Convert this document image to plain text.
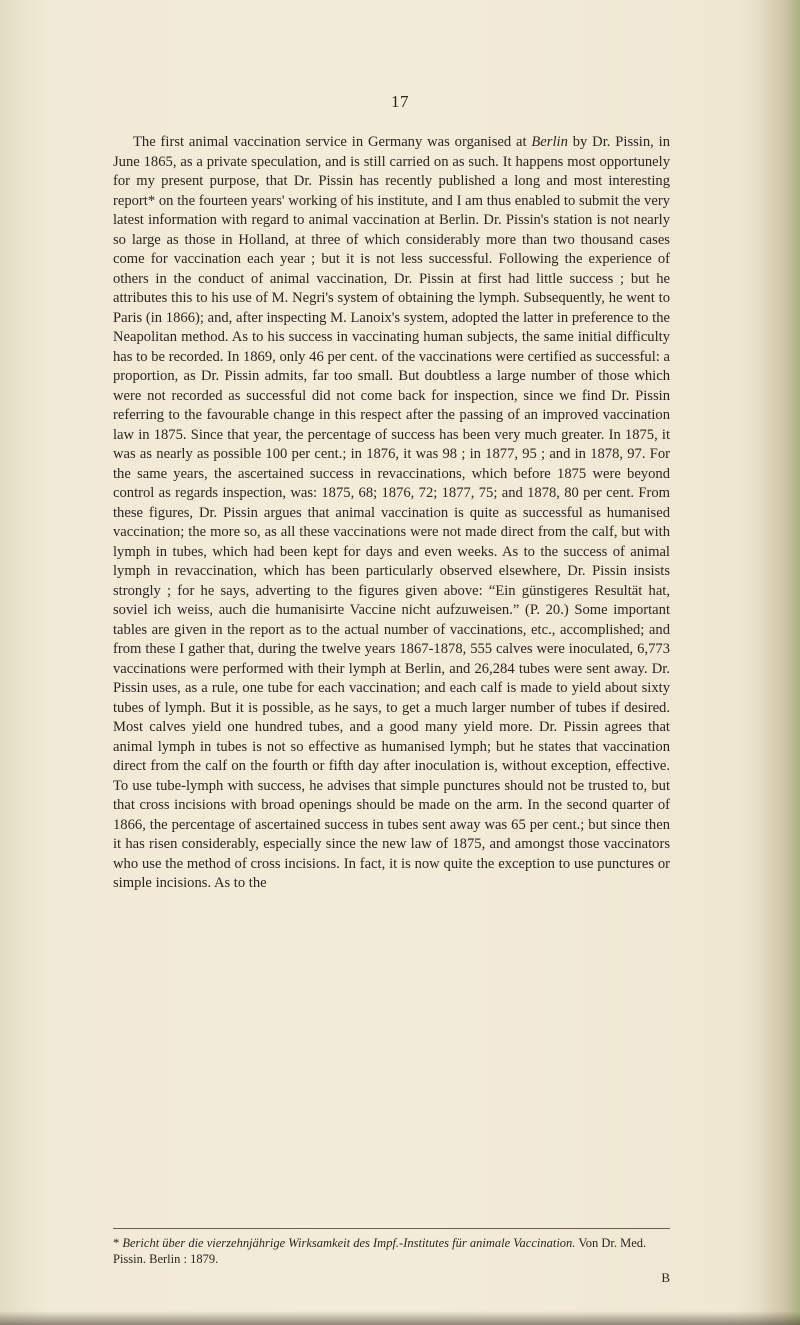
17

The first animal vaccination service in Germany was organised at Berlin by Dr. Pissin, in June 1865, as a private speculation, and is still carried on as such. It happens most opportunely for my present purpose, that Dr. Pissin has recently published a long and most interesting report* on the fourteen years' working of his institute, and I am thus enabled to submit the very latest information with regard to animal vaccination at Berlin. Dr. Pissin's station is not nearly so large as those in Holland, at three of which considerably more than two thousand cases come for vaccination each year ; but it is not less successful. Following the experience of others in the conduct of animal vaccination, Dr. Pissin at first had little success ; but he attributes this to his use of M. Negri's system of obtaining the lymph. Subsequently, he went to Paris (in 1866); and, after inspecting M. Lanoix's system, adopted the latter in preference to the Neapolitan method. As to his success in vaccinating human subjects, the same initial difficulty has to be recorded. In 1869, only 46 per cent. of the vaccinations were certified as successful: a proportion, as Dr. Pissin admits, far too small. But doubtless a large number of those which were not recorded as successful did not come back for inspection, since we find Dr. Pissin referring to the favourable change in this respect after the passing of an improved vaccination law in 1875. Since that year, the percentage of success has been very much greater. In 1875, it was as nearly as possible 100 per cent.; in 1876, it was 98 ; in 1877, 95 ; and in 1878, 97. For the same years, the ascertained success in revaccinations, which before 1875 were beyond control as regards inspection, was: 1875, 68; 1876, 72; 1877, 75; and 1878, 80 per cent. From these figures, Dr. Pissin argues that animal vaccination is quite as successful as humanised vaccination; the more so, as all these vaccinations were not made direct from the calf, but with lymph in tubes, which had been kept for days and even weeks. As to the success of animal lymph in revaccination, which has been particularly observed elsewhere, Dr. Pissin insists strongly ; for he says, adverting to the figures given above: “Ein günstigeres Resultät hat, soviel ich weiss, auch die humanisirte Vaccine nicht aufzuweisen.” (P. 20.) Some important tables are given in the report as to the actual number of vaccinations, etc., accomplished; and from these I gather that, during the twelve years 1867-1878, 555 calves were inoculated, 6,773 vaccinations were performed with their lymph at Berlin, and 26,284 tubes were sent away. Dr. Pissin uses, as a rule, one tube for each vaccination; and each calf is made to yield about sixty tubes of lymph. But it is possible, as he says, to get a much larger number of tubes if desired. Most calves yield one hundred tubes, and a good many yield more. Dr. Pissin agrees that animal lymph in tubes is not so effective as humanised lymph; but he states that vaccination direct from the calf on the fourth or fifth day after inoculation is, without exception, effective. To use tube-lymph with success, he advises that simple punctures should not be trusted to, but that cross incisions with broad openings should be made on the arm. In the second quarter of 1866, the percentage of ascertained success in tubes sent away was 65 per cent.; but since then it has risen considerably, especially since the new law of 1875, and amongst those vaccinators who use the method of cross incisions. In fact, it is now quite the exception to use punctures or simple incisions. As to the

* Bericht über die vierzehnjährige Wirksamkeit des Impf.-Institutes für animale Vaccination. Von Dr. Med. Pissin. Berlin : 1879.
B
